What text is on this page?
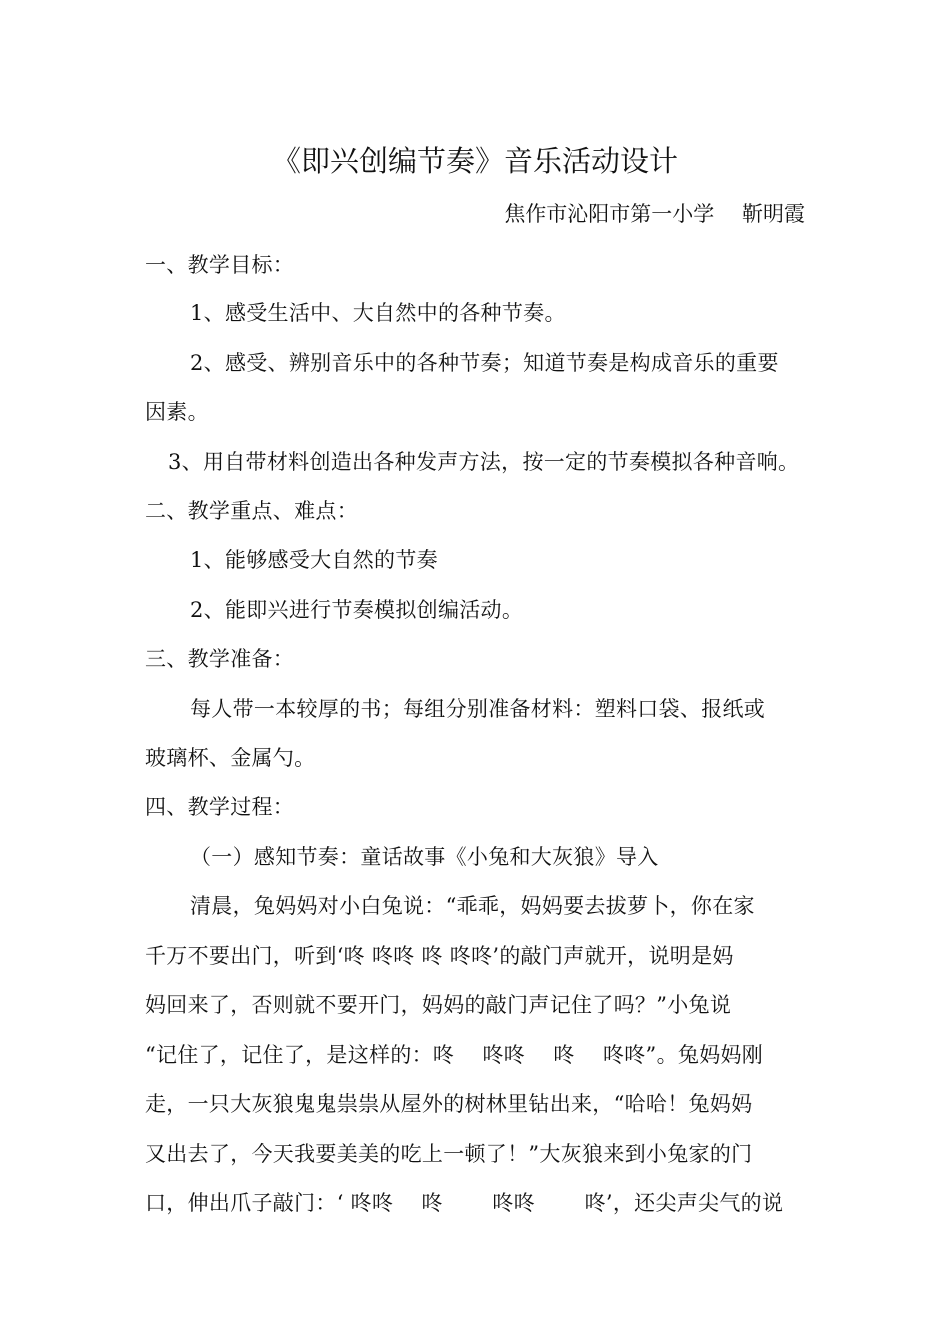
《即兴创编节奏》音乐活动设计
焦作市沁阳市第一小学　 靳明霞
一、教学目标：
1、感受生活中、大自然中的各种节奏。
2、感受、辨别音乐中的各种节奏；知道节奏是构成音乐的重要
因素。
3、用自带材料创造出各种发声方法，按一定的节奏模拟各种音响。
二、教学重点、难点：
1、能够感受大自然的节奏
2、能即兴进行节奏模拟创编活动。
三、教学准备：
每人带一本较厚的书；每组分别准备材料：塑料口袋、报纸或
玻璃杯、金属勺。
四、教学过程：
（一）感知节奏：童话故事《小兔和大灰狼》导入
清晨，兔妈妈对小白兔说：“乖乖，妈妈要去拔萝卜，你在家
千万不要出门，听到‘咚 咚咚 咚 咚咚’的敲门声就开，说明是妈
妈回来了，否则就不要开门，妈妈的敲门声记住了吗？”小兔说
“记住了，记住了，是这样的：咚　 咚咚　 咚　 咚咚”。兔妈妈刚
走，一只大灰狼鬼鬼祟祟从屋外的树林里钻出来，“哈哈！兔妈妈
又出去了，今天我要美美的吃上一顿了！”大灰狼来到小兔家的门
口，伸出爪子敲门：‘ 咚咚　 咚　　 咚咚　　 咚’，还尖声尖气的说
